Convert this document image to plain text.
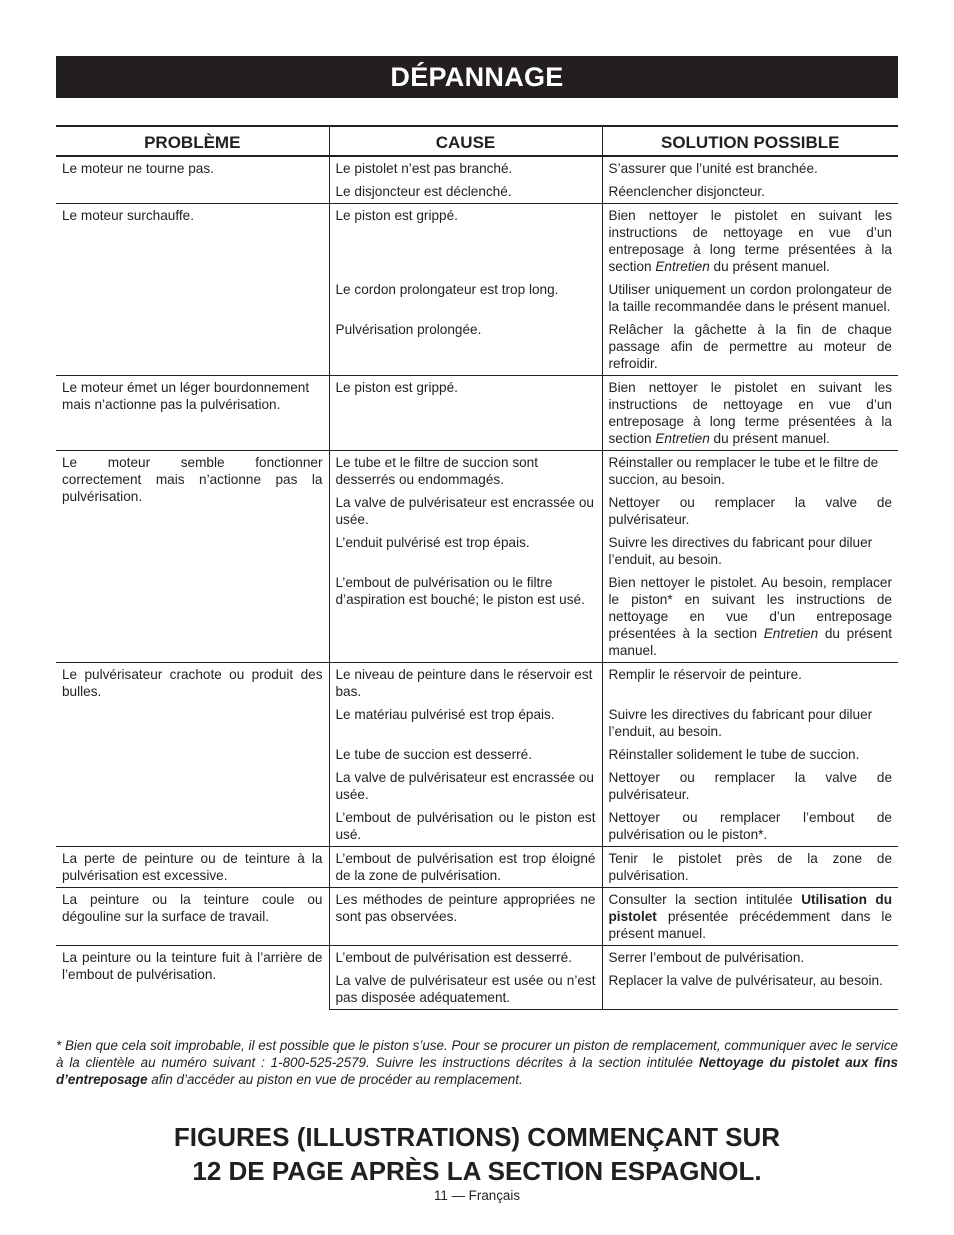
DÉPANNAGE
PROBLÈME	CAUSE	SOLUTION POSSIBLE
Le moteur ne tourne pas.	Le pistolet n’est pas branché.	S’assurer que l’unité est branchée.
	Le disjoncteur est déclenché.	Réenclencher disjoncteur.
Le moteur surchauffe.	Le piston est grippé.	Bien nettoyer le pistolet en suivant les instructions de nettoyage en vue d’un entreposage à long terme présentées à la section Entretien du présent manuel.
	Le cordon prolongateur est trop long.	Utiliser uniquement un cordon prolongateur de la taille recommandée dans le présent manuel.
	Pulvérisation prolongée.	Relâcher la gâchette à la fin de chaque passage afin de permettre au moteur de refroidir.
Le moteur émet un léger bourdonnement mais n’actionne pas la pulvérisation.	Le piston est grippé.	Bien nettoyer le pistolet en suivant les instructions de nettoyage en vue d’un entreposage à long terme présentées à la section Entretien du présent manuel.
Le moteur semble fonctionner correctement mais n’actionne pas la pulvérisation.	Le tube et le filtre de succion sont desserrés ou endommagés.	Réinstaller ou remplacer le tube et le filtre de succion, au besoin.
	La valve de pulvérisateur est encrassée ou usée.	Nettoyer ou remplacer la valve de pulvérisateur.
	L’enduit pulvérisé est trop épais.	Suivre les directives du fabricant pour diluer l’enduit, au besoin.
	L’embout de pulvérisation ou le filtre d’aspiration est bouché; le piston est usé.	Bien nettoyer le pistolet. Au besoin, remplacer le piston* en suivant les instructions de nettoyage en vue d’un entreposage présentées à la section Entretien du présent manuel.
Le pulvérisateur crachote ou produit des bulles.	Le niveau de peinture dans le réservoir est bas.	Remplir le réservoir de peinture.
	Le matériau pulvérisé est trop épais.	Suivre les directives du fabricant pour diluer l’enduit, au besoin.
	Le tube de succion est desserré.	Réinstaller solidement le tube de succion.
	La valve de pulvérisateur est encrassée ou usée.	Nettoyer ou remplacer la valve de pulvérisateur.
	L’embout de pulvérisation ou le piston est usé.	Nettoyer ou remplacer l’embout de pulvérisation ou le piston*.
La perte de peinture ou de teinture à la pulvérisation est excessive.	L’embout de pulvérisation est trop éloigné de la zone de pulvérisation.	Tenir le pistolet près de la zone de pulvérisation.
La peinture ou la teinture coule ou dégouline sur la surface de travail.	Les méthodes de peinture appropriées ne sont pas observées.	Consulter la section intitulée Utilisation du pistolet présentée précédemment dans le présent manuel.
La peinture ou la teinture fuit à l’arrière de l’embout de pulvérisation.	L’embout de pulvérisation est desserré.	Serrer l’embout de pulvérisation.
	La valve de pulvérisateur est usée ou n’est pas disposée adéquatement.	Replacer la valve de pulvérisateur, au besoin.
* Bien que cela soit improbable, il est possible que le piston s’use. Pour se procurer un piston de remplacement, communiquer avec le service à la clientèle au numéro suivant : 1-800-525-2579. Suivre les instructions décrites à la section intitulée Nettoyage du pistolet aux fins d’entreposage afin d’accéder au piston en vue de procéder au remplacement.
FIGURES (ILLUSTRATIONS) COMMENÇANT SUR
12 DE PAGE APRÈS LA SECTION ESPAGNOL.
11 — Français
